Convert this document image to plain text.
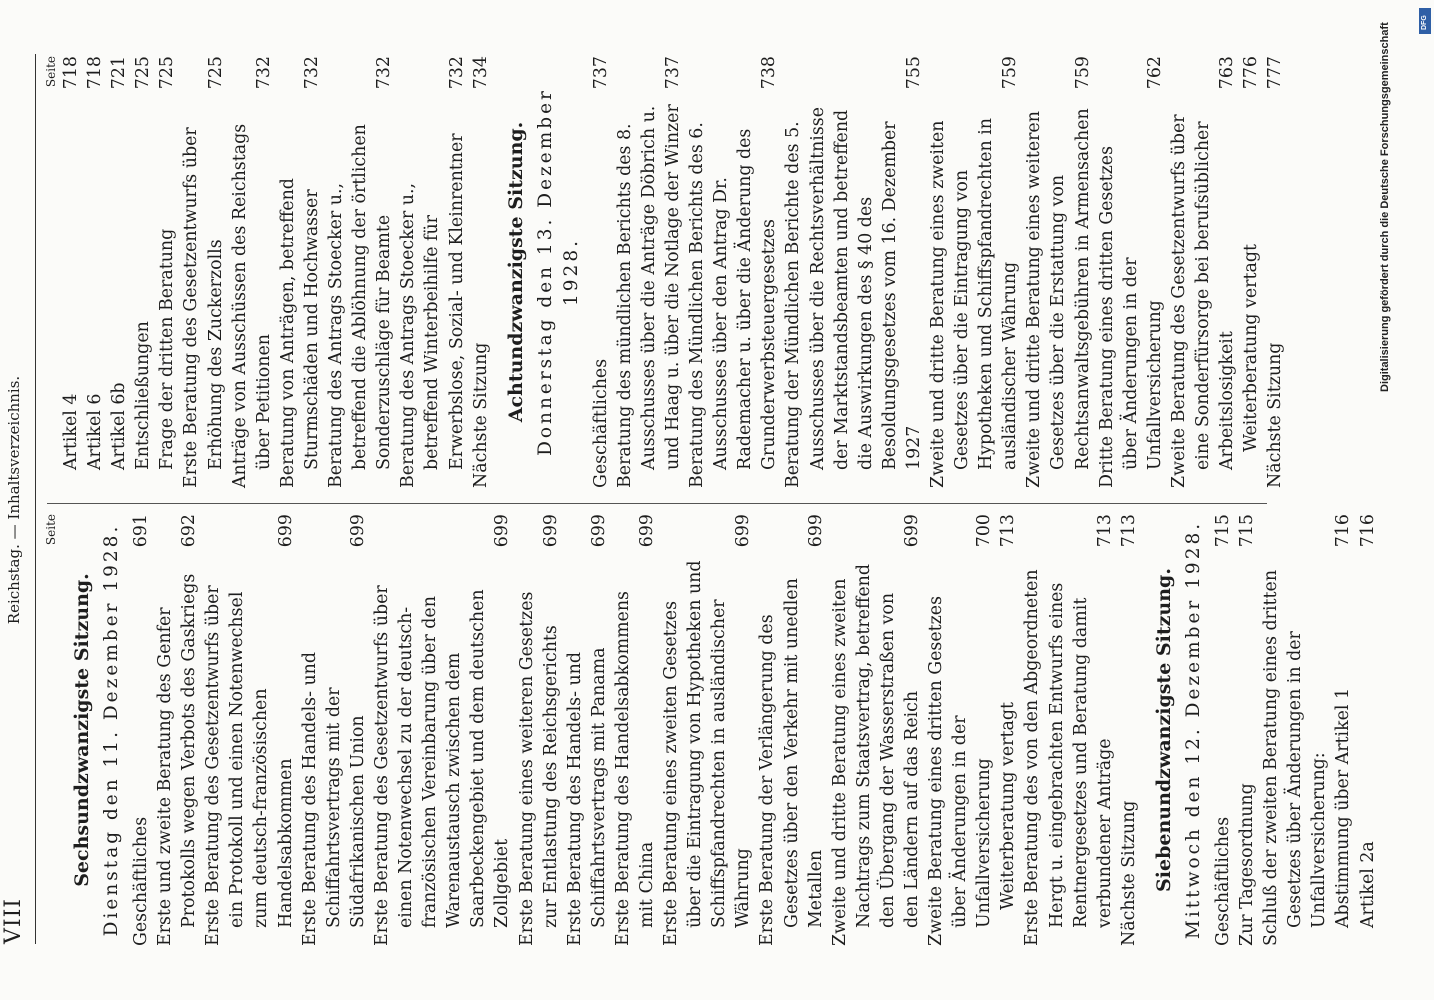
VIII
Reichstag. — Inhaltsverzeichnis. Seite
Sechsundzwanzigste Sitzung. Dienstag den 11. Dezember 1928. Geschäftliches
691
Erste und zweite Beratung des Genfer Protokolls wegen Verbots des Gaskriegs
692
Erste Beratung des Gesetzentwurfs über ein Protokoll und einen Notenwechsel zum deutsch-französischen Handelsabkommen
699
Erste Beratung des Handels- und Schiffahrtsvertrags mit der Südafrikanischen Union
699
Erste Beratung des Gesetzentwurfs über einen Notenwechsel zu der deutsch-französischen Vereinbarung über den Warenaustausch zwischen dem Saarbeckengebiet und dem deutschen Zollgebiet
699
Erste Beratung eines weiteren Gesetzes zur Entlastung des Reichsgerichts
699
Erste Beratung des Handels- und Schiffahrtsvertrags mit Panama
699
Erste Beratung des Handelsabkommens mit China
699
Erste Beratung eines zweiten Gesetzes über die Eintragung von Hypotheken und Schiffspfandrechten in ausländischer Währung
699
Erste Beratung der Verlängerung des Gesetzes über den Verkehr mit unedlen Metallen
699
Zweite und dritte Beratung eines zweiten Nachtrags zum Staatsvertrag, betreffend den Übergang der Wasserstraßen von den Ländern auf das Reich
699
Zweite Beratung eines dritten Gesetzes über Änderungen in der Unfallversicherung
700
Weiterberatung vertagt
713
Erste Beratung des von den Abgeordneten Hergt u. eingebrachten Entwurfs eines Rentnergesetzes und Beratung damit verbundener Anträge
713
Nächste Sitzung
713
Siebenundzwanzigste Sitzung. Mittwoch den 12. Dezember 1928. Geschäftliches
715
Zur Tagesordnung
715
Schluß der zweiten Beratung eines dritten Gesetzes über Änderungen in der Unfallversicherung: Abstimmung über Artikel 1
716
Artikel 2a
716
Seite
Artikel 4
718
Artikel 6
718
Artikel 6b
721
Entschließungen
725
Frage der dritten Beratung
725
Erste Beratung des Gesetzentwurfs über Erhöhung des Zuckerzolls
725
Anträge von Ausschüssen des Reichstags über Petitionen
732
Beratung von Anträgen, betreffend Sturmschäden und Hochwasser
732
Beratung des Antrags Stoecker u., betreffend die Ablöhnung der örtlichen Sonderzuschläge für Beamte
732
Beratung des Antrags Stoecker u., betreffend Winterbeihilfe für Erwerbslose, Sozial- und Kleinrentner
732
Nächste Sitzung
734
Achtundzwanzigste Sitzung. Donnerstag den 13. Dezember 1928.
Geschäftliches
737
Beratung des mündlichen Berichts des 8. Ausschusses über die Anträge Döbrich u. und Haag u. über die Notlage der Winzer
737
Beratung des Mündlichen Berichts des 6. Ausschusses über den Antrag Dr. Rademacher u. über die Änderung des Grunderwerbsteuergesetzes
738
Beratung der Mündlichen Berichte des 5. Ausschusses über die Rechtsverhältnisse der Marktstandsbeamten und betreffend die Auswirkungen des § 40 des Besoldungsgesetzes vom 16. Dezember 1927
755
Zweite und dritte Beratung eines zweiten Gesetzes über die Eintragung von Hypotheken und Schiffspfandrechten in ausländischer Währung
759
Zweite und dritte Beratung eines weiteren Gesetzes über die Erstattung von Rechtsanwaltsgebühren in Armensachen
759
Dritte Beratung eines dritten Gesetzes über Änderungen in der Unfallversicherung
762
Zweite Beratung des Gesetzentwurfs über eine Sonderfürsorge bei berufsüblicher Arbeitslosigkeit
763
Weiterberatung vertagt
776
Nächste Sitzung
777	Digitalisierung gefördert durch die Deutsche Forschungsgemeinschaft	DFG
